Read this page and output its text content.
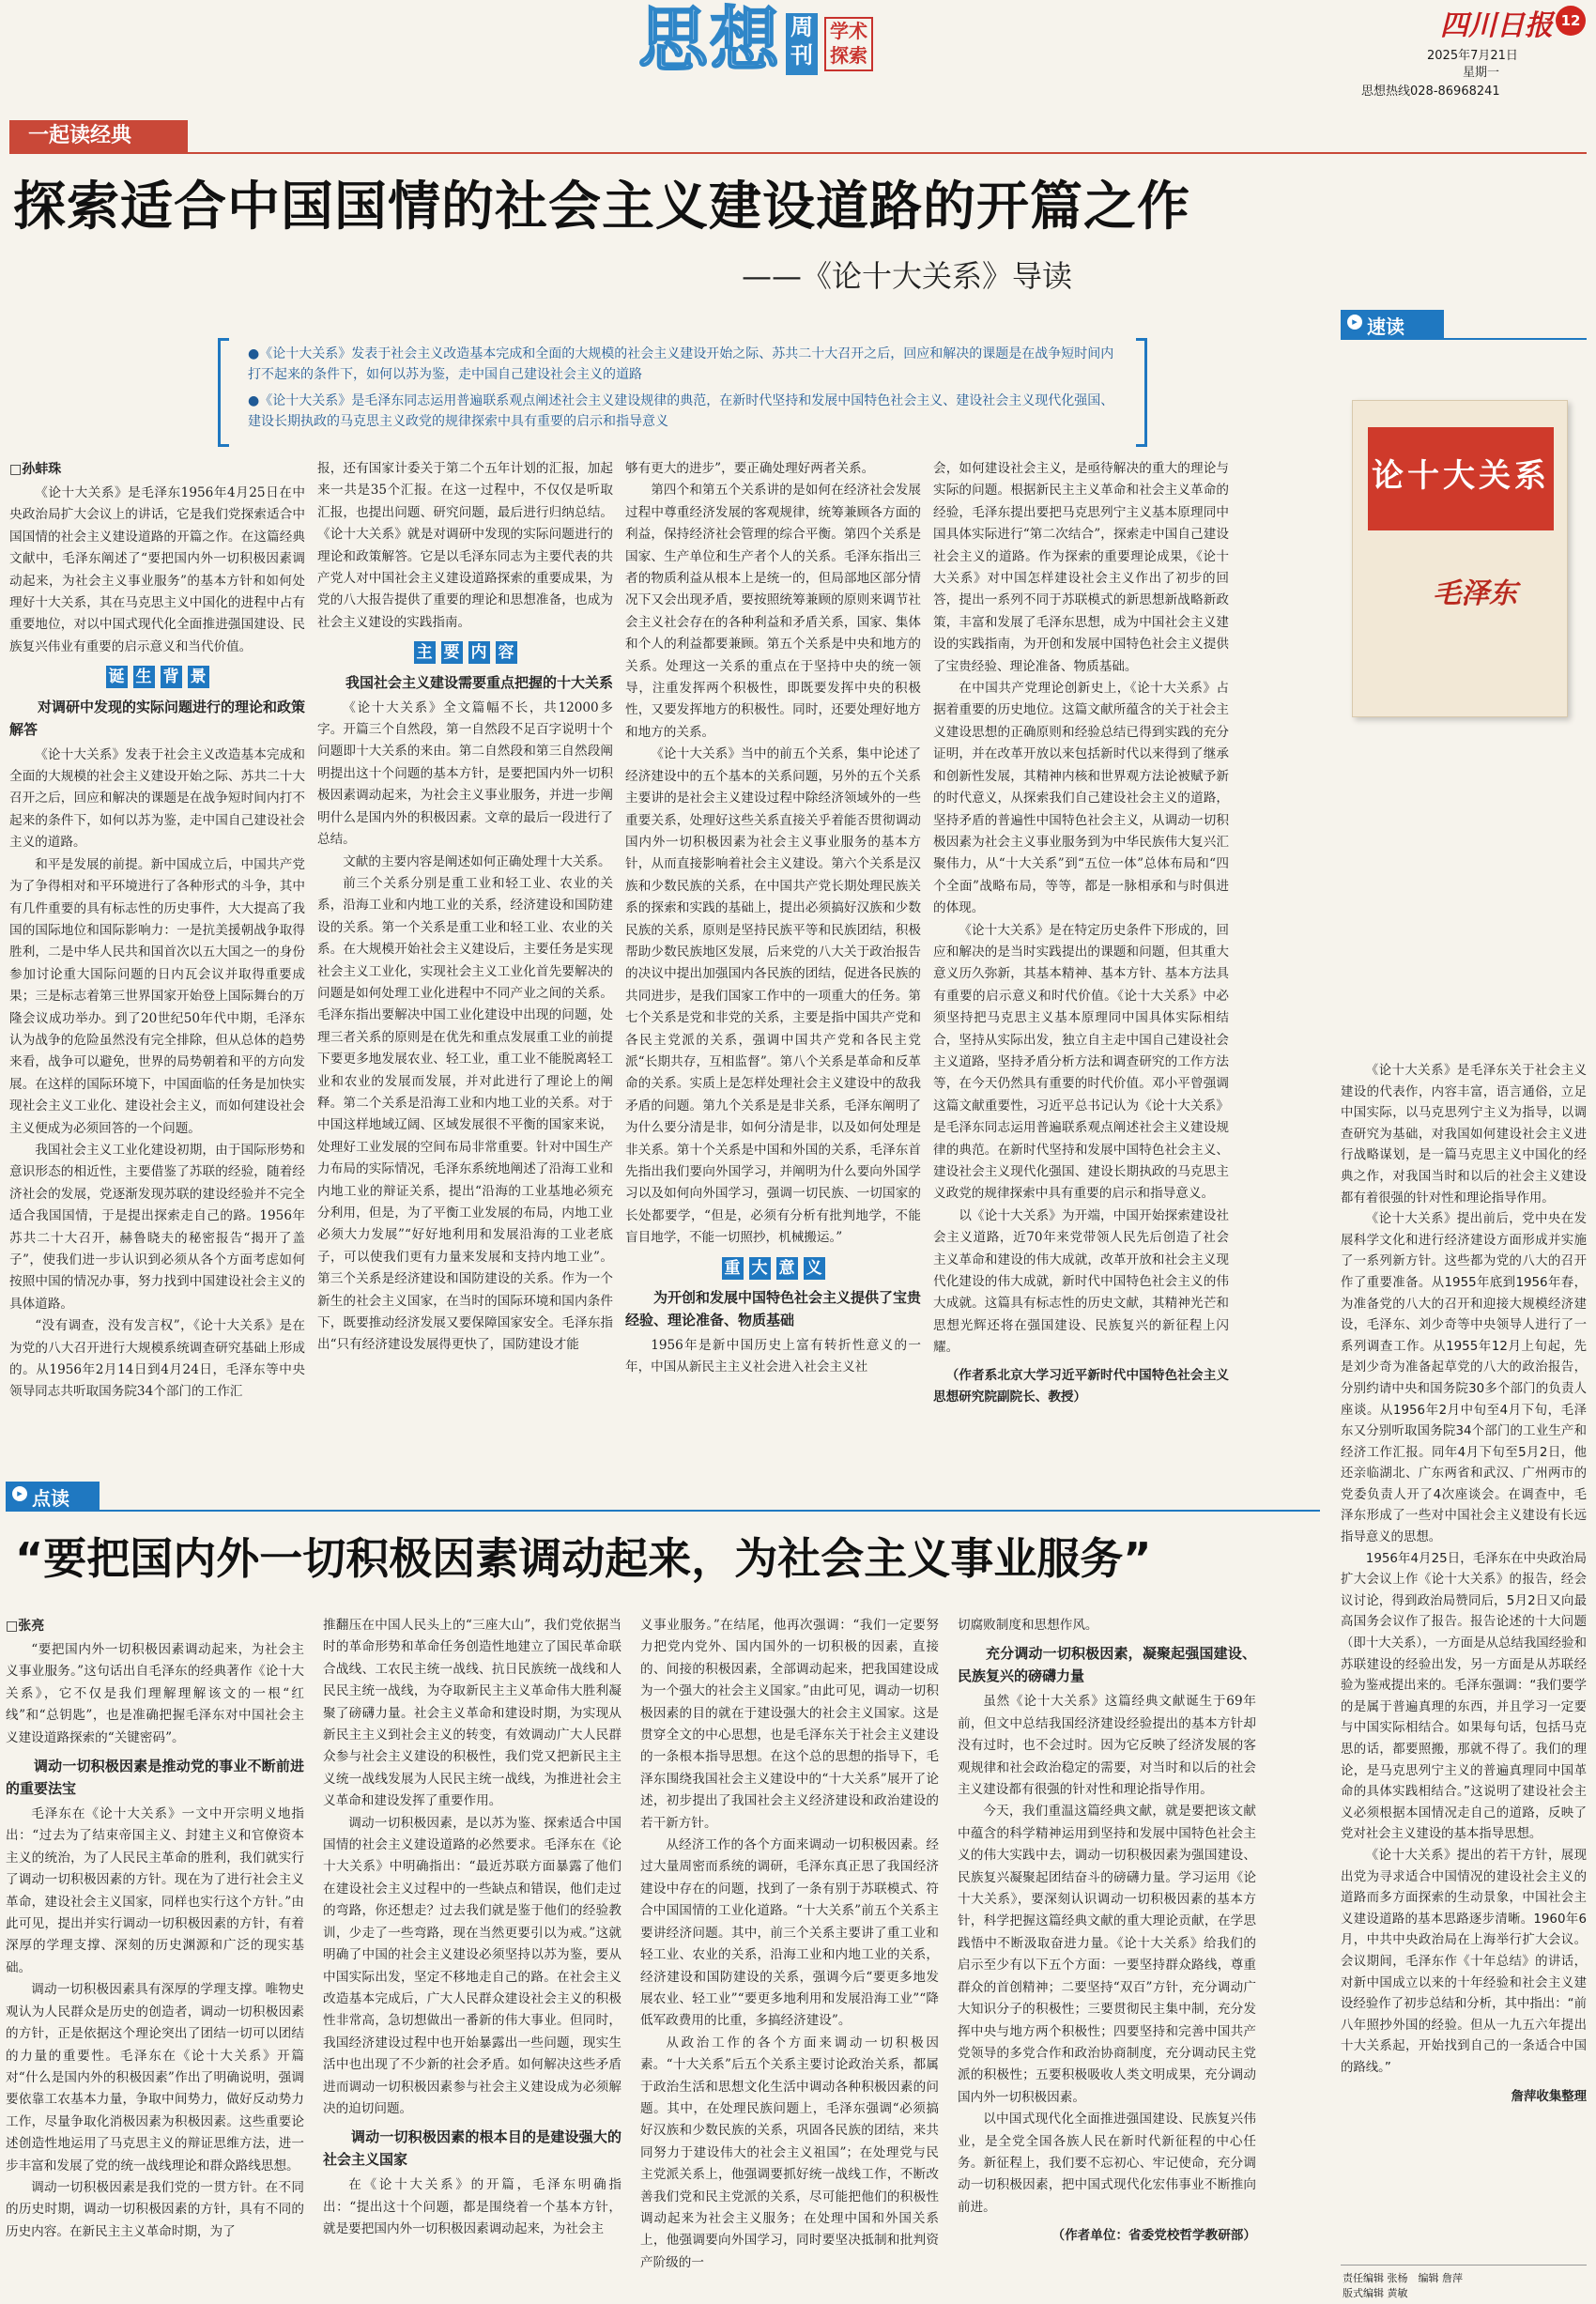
思想 周
刊
学术
探索
四川日报 12
2025年7月21日
星期一
思想热线028-86968241
一起读经典
探索适合中国国情的社会主义建设道路的开篇之作
——《论十大关系》导读
●《论十大关系》发表于社会主义改造基本完成和全面的大规模的社会主义建设开始之际、苏共二十大召开之后，回应和解决的课题是在战争短时间内打不起来的条件下，如何以苏为鉴，走中国自己建设社会主义的道路
●《论十大关系》是毛泽东同志运用普遍联系观点阐述社会主义建设规律的典范，在新时代坚持和发展中国特色社会主义、建设社会主义现代化强国、建设长期执政的马克思主义政党的规律探索中具有重要的启示和指导意义
□孙蚌珠

《论十大关系》是毛泽东1956年4月25日在中央政治局扩大会议上的讲话，它是我们党探索适合中国国情的社会主义建设道路的开篇之作。在这篇经典文献中，毛泽东阐述了“要把国内外一切积极因素调动起来，为社会主义事业服务”的基本方针和如何处理好十大关系，其在马克思主义中国化的进程中占有重要地位，对以中国式现代化全面推进强国建设、民族复兴伟业有重要的启示意义和当代价值。

诞 生 背 景
对调研中发现的实际问题进行的理论和政策解答

《论十大关系》发表于社会主义改造基本完成和全面的大规模的社会主义建设开始之际、苏共二十大召开之后，回应和解决的课题是在战争短时间内打不起来的条件下，如何以苏为鉴，走中国自己建设社会主义的道路。

和平是发展的前提。新中国成立后，中国共产党为了争得相对和平环境进行了各种形式的斗争，其中有几件重要的具有标志性的历史事件，大大提高了我国的国际地位和国际影响力：一是抗美援朝战争取得胜利，二是中华人民共和国首次以五大国之一的身份参加讨论重大国际问题的日内瓦会议并取得重要成果；三是标志着第三世界国家开始登上国际舞台的万隆会议成功举办。到了20世纪50年代中期，毛泽东认为战争的危险虽然没有完全排除，但从总体的趋势来看，战争可以避免，世界的局势朝着和平的方向发展。在这样的国际环境下，中国面临的任务是加快实现社会主义工业化、建设社会主义，而如何建设社会主义便成为必须回答的一个问题。

我国社会主义工业化建设初期，由于国际形势和意识形态的相近性，主要借鉴了苏联的经验，随着经济社会的发展，党逐渐发现苏联的建设经验并不完全适合我国国情，于是提出探索走自己的路。1956年苏共二十大召开，赫鲁晓夫的秘密报告“揭开了盖子”，使我们进一步认识到必须从各个方面考虑如何按照中国的情况办事，努力找到中国建设社会主义的具体道路。

“没有调查，没有发言权”，《论十大关系》是在为党的八大召开进行大规模系统调查研究基础上形成的。从1956年2月14日到4月24日，毛泽东等中央领导同志共听取国务院34个部门的工作汇

报，还有国家计委关于第二个五年计划的汇报，加起来一共是35个汇报。在这一过程中，不仅仅是听取汇报，也提出问题、研究问题，最后进行归纳总结。《论十大关系》就是对调研中发现的实际问题进行的理论和政策解答。它是以毛泽东同志为主要代表的共产党人对中国社会主义建设道路探索的重要成果，为党的八大报告提供了重要的理论和思想准备，也成为社会主义建设的实践指南。

主 要 内 容
我国社会主义建设需要重点把握的十大关系

《论十大关系》全文篇幅不长，共12000多字。开篇三个自然段，第一自然段不足百字说明十个问题即十大关系的来由。第二自然段和第三自然段阐明提出这十个问题的基本方针，是要把国内外一切积极因素调动起来，为社会主义事业服务，并进一步阐明什么是国内外的积极因素。文章的最后一段进行了总结。

文献的主要内容是阐述如何正确处理十大关系。

前三个关系分别是重工业和轻工业、农业的关系，沿海工业和内地工业的关系，经济建设和国防建设的关系。第一个关系是重工业和轻工业、农业的关系。在大规模开始社会主义建设后，主要任务是实现社会主义工业化，实现社会主义工业化首先要解决的问题是如何处理工业化进程中不同产业之间的关系。毛泽东指出要解决中国工业化建设中出现的问题，处理三者关系的原则是在优先和重点发展重工业的前提下要更多地发展农业、轻工业，重工业不能脱离轻工业和农业的发展而发展，并对此进行了理论上的阐释。第二个关系是沿海工业和内地工业的关系。对于中国这样地域辽阔、区域发展很不平衡的国家来说，处理好工业发展的空间布局非常重要。针对中国生产力布局的实际情况，毛泽东系统地阐述了沿海工业和内地工业的辩证关系，提出“沿海的工业基地必须充分利用，但是，为了平衡工业发展的布局，内地工业必须大力发展”“好好地利用和发展沿海的工业老底子，可以使我们更有力量来发展和支持内地工业”。第三个关系是经济建设和国防建设的关系。作为一个新生的社会主义国家，在当时的国际环境和国内条件下，既要推动经济发展又要保障国家安全。毛泽东指出“只有经济建设发展得更快了，国防建设才能

够有更大的进步”，要正确处理好两者关系。

第四个和第五个关系讲的是如何在经济社会发展过程中尊重经济发展的客观规律，统筹兼顾各方面的利益，保持经济社会管理的综合平衡。第四个关系是国家、生产单位和生产者个人的关系。毛泽东指出三者的物质利益从根本上是统一的，但局部地区部分情况下又会出现矛盾，要按照统筹兼顾的原则来调节社会主义社会存在的各种利益和矛盾关系，国家、集体和个人的利益都要兼顾。第五个关系是中央和地方的关系。处理这一关系的重点在于坚持中央的统一领导，注重发挥两个积极性，即既要发挥中央的积极性，又要发挥地方的积极性。同时，还要处理好地方和地方的关系。

《论十大关系》当中的前五个关系，集中论述了经济建设中的五个基本的关系问题，另外的五个关系主要讲的是社会主义建设过程中除经济领域外的一些重要关系，处理好这些关系直接关乎着能否贯彻调动国内外一切积极因素为社会主义事业服务的基本方针，从而直接影响着社会主义建设。第六个关系是汉族和少数民族的关系，在中国共产党长期处理民族关系的探索和实践的基础上，提出必须搞好汉族和少数民族的关系，原则是坚持民族平等和民族团结，积极帮助少数民族地区发展，后来党的八大关于政治报告的决议中提出加强国内各民族的团结，促进各民族的共同进步，是我们国家工作中的一项重大的任务。第七个关系是党和非党的关系，主要是指中国共产党和各民主党派的关系，强调中国共产党和各民主党派“长期共存，互相监督”。第八个关系是革命和反革命的关系。实质上是怎样处理社会主义建设中的敌我矛盾的问题。第九个关系是是非关系，毛泽东阐明了为什么要分清是非，如何分清是非，以及如何处理是非关系。第十个关系是中国和外国的关系，毛泽东首先指出我们要向外国学习，并阐明为什么要向外国学习以及如何向外国学习，强调一切民族、一切国家的长处都要学，“但是，必须有分析有批判地学，不能盲目地学，不能一切照抄，机械搬运。”

重 大 意 义
为开创和发展中国特色社会主义提供了宝贵经验、理论准备、物质基础

1956年是新中国历史上富有转折性意义的一年，中国从新民主主义社会进入社会主义社

会，如何建设社会主义，是亟待解决的重大的理论与实际的问题。根据新民主主义革命和社会主义革命的经验，毛泽东提出要把马克思列宁主义基本原理同中国具体实际进行“第二次结合”，探索走中国自己建设社会主义的道路。作为探索的重要理论成果，《论十大关系》对中国怎样建设社会主义作出了初步的回答，提出一系列不同于苏联模式的新思想新战略新政策，丰富和发展了毛泽东思想，成为中国社会主义建设的实践指南，为开创和发展中国特色社会主义提供了宝贵经验、理论准备、物质基础。

在中国共产党理论创新史上，《论十大关系》占据着重要的历史地位。这篇文献所蕴含的关于社会主义建设思想的正确原则和经验总结已得到实践的充分证明，并在改革开放以来包括新时代以来得到了继承和创新性发展，其精神内核和世界观方法论被赋予新的时代意义，从探索我们自己建设社会主义的道路，坚持矛盾的普遍性中国特色社会主义，从调动一切积极因素为社会主义事业服务到为中华民族伟大复兴汇聚伟力，从“十大关系”到“五位一体”总体布局和“四个全面”战略布局，等等，都是一脉相承和与时俱进的体现。

《论十大关系》是在特定历史条件下形成的，回应和解决的是当时实践提出的课题和问题，但其重大意义历久弥新，其基本精神、基本方针、基本方法具有重要的启示意义和时代价值。《论十大关系》中必须坚持把马克思主义基本原理同中国具体实际相结合，坚持从实际出发，独立自主走中国自己建设社会主义道路，坚持矛盾分析方法和调查研究的工作方法等，在今天仍然具有重要的时代价值。邓小平曾强调这篇文献重要性，习近平总书记认为《论十大关系》是毛泽东同志运用普遍联系观点阐述社会主义建设规律的典范。在新时代坚持和发展中国特色社会主义、建设社会主义现代化强国、建设长期执政的马克思主义政党的规律探索中具有重要的启示和指导意义。

以《论十大关系》为开端，中国开始探索建设社会主义道路，近70年来党带领人民先后创造了社会主义革命和建设的伟大成就，改革开放和社会主义现代化建设的伟大成就，新时代中国特色社会主义的伟大成就。这篇具有标志性的历史文献，其精神光芒和思想光辉还将在强国建设、民族复兴的新征程上闪耀。

（作者系北京大学习近平新时代中国特色社会主义思想研究院副院长、教授）
▸ 速读
论十大关系
毛泽东

《论十大关系》是毛泽东关于社会主义建设的代表作，内容丰富，语言通俗，立足中国实际，以马克思列宁主义为指导，以调查研究为基础，对我国如何建设社会主义进行战略谋划，是一篇马克思主义中国化的经典之作，对我国当时和以后的社会主义建设都有着很强的针对性和理论指导作用。

《论十大关系》提出前后，党中央在发展科学文化和进行经济建设方面形成并实施了一系列新方针。这些都为党的八大的召开作了重要准备。从1955年底到1956年春，为准备党的八大的召开和迎接大规模经济建设，毛泽东、刘少奇等中央领导人进行了一系列调查工作。从1955年12月上旬起，先是刘少奇为准备起草党的八大的政治报告，分别约请中央和国务院30多个部门的负责人座谈。从1956年2月中旬至4月下旬，毛泽东又分别听取国务院34个部门的工业生产和经济工作汇报。同年4月下旬至5月2日，他还亲临湖北、广东两省和武汉、广州两市的党委负责人开了4次座谈会。在调查中，毛泽东形成了一些对中国社会主义建设有长远指导意义的思想。

1956年4月25日，毛泽东在中央政治局扩大会议上作《论十大关系》的报告，经会议讨论，得到政治局赞同后，5月2日又向最高国务会议作了报告。报告论述的十大问题（即十大关系），一方面是从总结我国经验和苏联建设的经验出发，另一方面是从苏联经验为鉴戒提出来的。毛泽东强调：“我们要学的是属于普遍真理的东西，并且学习一定要与中国实际相结合。如果每句话，包括马克思的话，都要照搬，那就不得了。我们的理论，是马克思列宁主义的普遍真理同中国革命的具体实践相结合。”这说明了建设社会主义必须根据本国情况走自己的道路，反映了党对社会主义建设的基本指导思想。

《论十大关系》提出的若干方针，展现出党为寻求适合中国情况的建设社会主义的道路而多方面探索的生动景象，中国社会主义建设道路的基本思路逐步清晰。1960年6月，中共中央政治局在上海举行扩大会议。会议期间，毛泽东作《十年总结》的讲话，对新中国成立以来的十年经验和社会主义建设经验作了初步总结和分析，其中指出：“前八年照抄外国的经验。但从一九五六年提出十大关系起，开始找到自己的一条适合中国的路线。”

詹萍收集整理
▸ 点读
“要把国内外一切积极因素调动起来，为社会主义事业服务”
□张亮

“要把国内外一切积极因素调动起来，为社会主义事业服务。”这句话出自毛泽东的经典著作《论十大关系》，它不仅是我们理解理解该文的一根“红线”和“总钥匙”，也是准确把握毛泽东对中国社会主义建设道路探索的“关键密码”。

调动一切积极因素是推动党的事业不断前进的重要法宝

毛泽东在《论十大关系》一文中开宗明义地指出：“过去为了结束帝国主义、封建主义和官僚资本主义的统治，为了人民民主革命的胜利，我们就实行了调动一切积极因素的方针。现在为了进行社会主义革命，建设社会主义国家，同样也实行这个方针。”由此可见，提出并实行调动一切积极因素的方针，有着深厚的学理支撑、深刻的历史渊源和广泛的现实基础。

调动一切积极因素具有深厚的学理支撑。唯物史观认为人民群众是历史的创造者，调动一切积极因素的方针，正是依据这个理论突出了团结一切可以团结的力量的重要性。毛泽东在《论十大关系》开篇对“什么是国内外的积极因素”作出了明确说明，强调要依靠工农基本力量，争取中间势力，做好反动势力工作，尽量争取化消极因素为积极因素。这些重要论述创造性地运用了马克思主义的辩证思维方法，进一步丰富和发展了党的统一战线理论和群众路线思想。

调动一切积极因素是我们党的一贯方针。在不同的历史时期，调动一切积极因素的方针，具有不同的历史内容。在新民主主义革命时期，为了

推翻压在中国人民头上的“三座大山”，我们党依据当时的革命形势和革命任务创造性地建立了国民革命联合战线、工农民主统一战线、抗日民族统一战线和人民民主统一战线，为夺取新民主主义革命伟大胜利凝聚了磅礴力量。社会主义革命和建设时期，为实现从新民主主义到社会主义的转变，有效调动广大人民群众参与社会主义建设的积极性，我们党又把新民主主义统一战线发展为人民民主统一战线，为推进社会主义革命和建设发挥了重要作用。

调动一切积极因素，是以苏为鉴、探索适合中国国情的社会主义建设道路的必然要求。毛泽东在《论十大关系》中明确指出：“最近苏联方面暴露了他们在建设社会主义过程中的一些缺点和错误，他们走过的弯路，你还想走？过去我们就是鉴于他们的经验教训，少走了一些弯路，现在当然更要引以为戒。”这就明确了中国的社会主义建设必须坚持以苏为鉴，要从中国实际出发，坚定不移地走自己的路。在社会主义改造基本完成后，广大人民群众建设社会主义的积极性非常高，急切想做出一番新的伟大事业。但同时，我国经济建设过程中也开始暴露出一些问题，现实生活中也出现了不少新的社会矛盾。如何解决这些矛盾进而调动一切积极因素参与社会主义建设成为必须解决的迫切问题。

调动一切积极因素的根本目的是建设强大的社会主义国家

在《论十大关系》的开篇，毛泽东明确指出：“提出这十个问题，都是围绕着一个基本方针，就是要把国内外一切积极因素调动起来，为社会主

义事业服务。”在结尾，他再次强调：“我们一定要努力把党内党外、国内国外的一切积极的因素，直接的、间接的积极因素，全部调动起来，把我国建设成为一个强大的社会主义国家。”由此可见，调动一切积极因素的目的就在于建设强大的社会主义国家。这是贯穿全文的中心思想，也是毛泽东关于社会主义建设的一条根本指导思想。在这个总的思想的指导下，毛泽东围绕我国社会主义建设中的“十大关系”展开了论述，初步提出了我国社会主义经济建设和政治建设的若干新方针。

从经济工作的各个方面来调动一切积极因素。经过大量周密而系统的调研，毛泽东真正思了我国经济建设中存在的问题，找到了一条有别于苏联模式、符合中国国情的工业化道路。“十大关系”前五个关系主要讲经济问题。其中，前三个关系主要讲了重工业和轻工业、农业的关系，沿海工业和内地工业的关系，经济建设和国防建设的关系，强调今后“要更多地发展农业、轻工业”“要更多地利用和发展沿海工业”“降低军政费用的比重，多搞经济建设”。

从政治工作的各个方面来调动一切积极因素。“十大关系”后五个关系主要讨论政治关系，都属于政治生活和思想文化生活中调动各种积极因素的问题。其中，在处理民族问题上，毛泽东强调“必须搞好汉族和少数民族的关系，巩固各民族的团结，来共同努力于建设伟大的社会主义祖国”；在处理党与民主党派关系上，他强调要抓好统一战线工作，不断改善我们党和民主党派的关系，尽可能把他们的积极性调动起来为社会主义服务；在处理中国和外国关系上，他强调要向外国学习，同时要坚决抵制和批判资产阶级的一

切腐败制度和思想作风。

充分调动一切积极因素，凝聚起强国建设、民族复兴的磅礴力量

虽然《论十大关系》这篇经典文献诞生于69年前，但文中总结我国经济建设经验提出的基本方针却没有过时，也不会过时。因为它反映了经济发展的客观规律和社会政治稳定的需要，对当时和以后的社会主义建设都有很强的针对性和理论指导作用。

今天，我们重温这篇经典文献，就是要把该文献中蕴含的科学精神运用到坚持和发展中国特色社会主义的伟大实践中去，调动一切积极因素为强国建设、民族复兴凝聚起团结奋斗的磅礴力量。学习运用《论十大关系》，要深刻认识调动一切积极因素的基本方针，科学把握这篇经典文献的重大理论贡献，在学思践悟中不断汲取奋进力量。《论十大关系》给我们的启示至少有以下五个方面：一要坚持群众路线，尊重群众的首创精神；二要坚持“双百”方针，充分调动广大知识分子的积极性；三要贯彻民主集中制，充分发挥中央与地方两个积极性；四要坚持和完善中国共产党领导的多党合作和政治协商制度，充分调动民主党派的积极性；五要积极吸收人类文明成果，充分调动国内外一切积极因素。

以中国式现代化全面推进强国建设、民族复兴伟业，是全党全国各族人民在新时代新征程的中心任务。新征程上，我们要不忘初心、牢记使命，充分调动一切积极因素，把中国式现代化宏伟事业不断推向前进。

（作者单位：省委党校哲学教研部）
责任编辑 张杨　编辑 詹萍
版式编辑 黄敏
